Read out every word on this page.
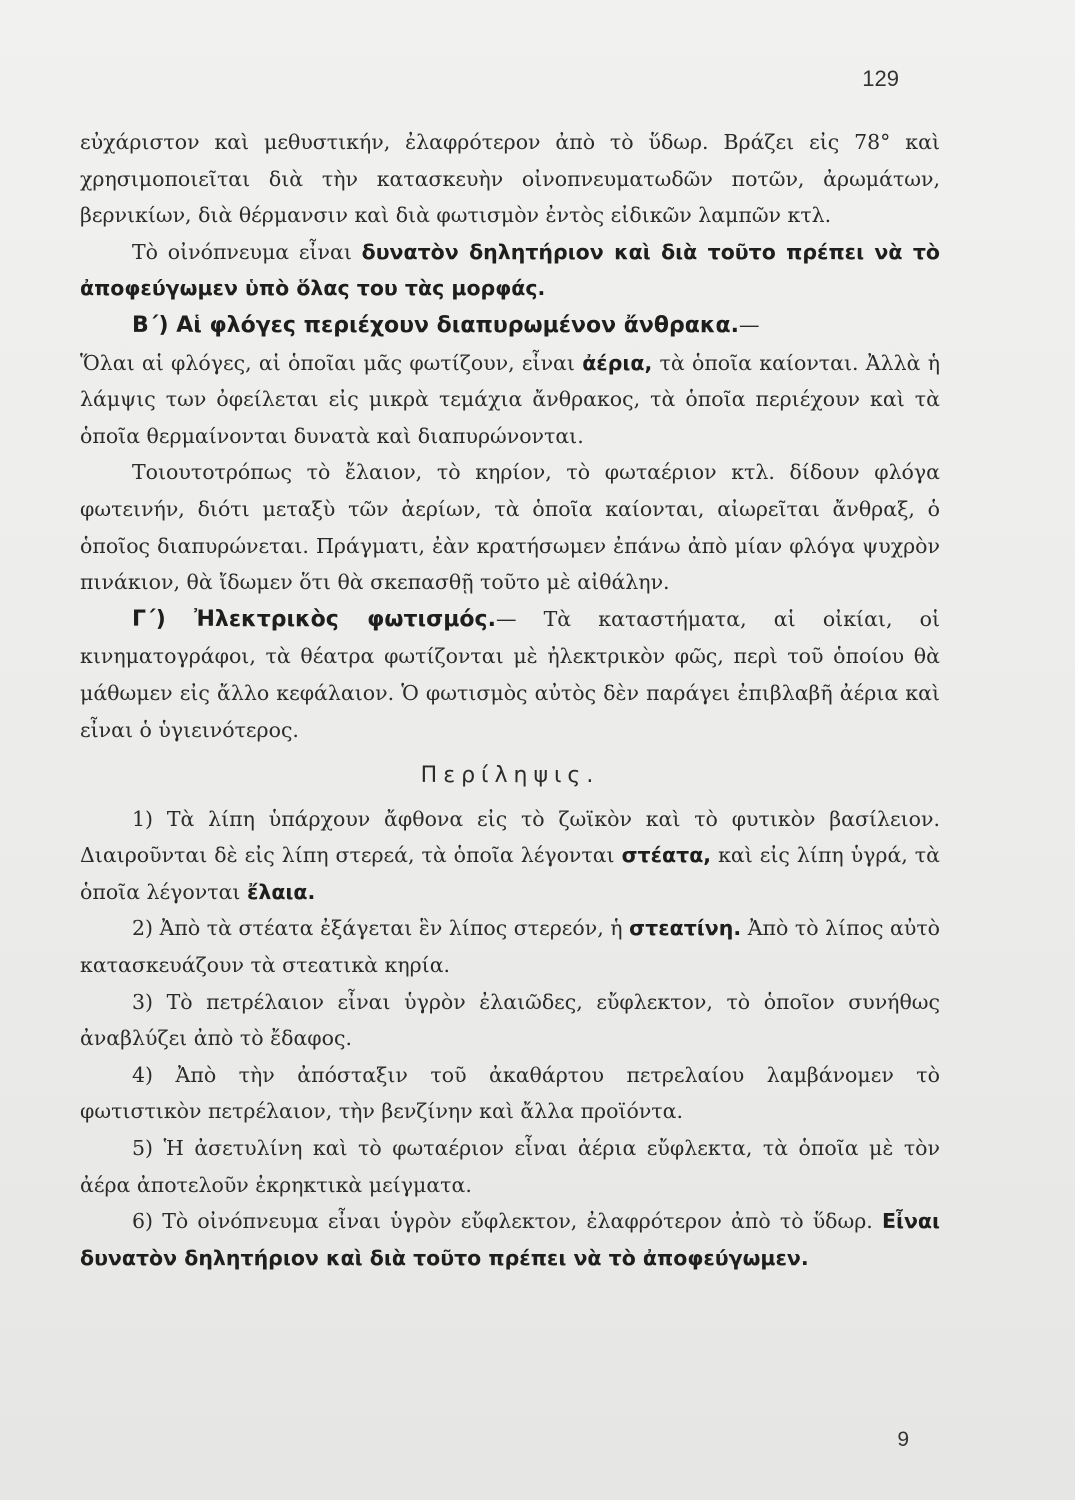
129

εὐχάριστον καὶ μεθυστικήν, ἐλαφρότερον ἀπὸ τὸ ὕδωρ. Βράζει εἰς 78° καὶ χρησιμοποιεῖται διὰ τὴν κατασκευὴν οἰνοπνευματωδῶν ποτῶν, ἀρωμάτων, βερνικίων, διὰ θέρμανσιν καὶ διὰ φωτισμὸν ἐντὸς εἰδικῶν λαμπῶν κτλ.

Τὸ οἰνόπνευμα εἶναι δυνατὸν δηλητήριον καὶ διὰ τοῦτο πρέπει νὰ τὸ ἀποφεύγωμεν ὑπὸ ὅλας του τὰς μορφάς.

Β΄) Αἱ φλόγες περιέχουν διαπυρωμένον ἄνθρακα.—

Ὅλαι αἱ φλόγες, αἱ ὁποῖαι μᾶς φωτίζουν, εἶναι ἀέρια, τὰ ὁποῖα καίονται. Ἀλλὰ ἡ λάμψις των ὀφείλεται εἰς μικρὰ τεμάχια ἄνθρακος, τὰ ὁποῖα περιέχουν καὶ τὰ ὁποῖα θερμαίνονται δυνατὰ καὶ διαπυρώνονται.

Τοιουτοτρόπως τὸ ἔλαιον, τὸ κηρίον, τὸ φωταέριον κτλ. δίδουν φλόγα φωτεινήν, διότι μεταξὺ τῶν ἀερίων, τὰ ὁποῖα καίονται, αἰωρεῖται ἄνθραξ, ὁ ὁποῖος διαπυρώνεται. Πράγματι, ἐὰν κρατήσωμεν ἐπάνω ἀπὸ μίαν φλόγα ψυχρὸν πινάκιον, θὰ ἴδωμεν ὅτι θὰ σκεπασθῇ τοῦτο μὲ αἰθάλην.

Γ΄) Ἠλεκτρικὸς φωτισμός.— Τὰ καταστήματα, αἱ οἰκίαι, οἱ κινηματογράφοι, τὰ θέατρα φωτίζονται μὲ ἠλεκτρικὸν φῶς, περὶ τοῦ ὁποίου θὰ μάθωμεν εἰς ἄλλο κεφάλαιον. Ὁ φωτισμὸς αὐτὸς δὲν παράγει ἐπιβλαβῆ ἀέρια καὶ εἶναι ὁ ὑγιεινότερος.

Περίληψις.

1) Τὰ λίπη ὑπάρχουν ἄφθονα εἰς τὸ ζωϊκὸν καὶ τὸ φυτικὸν βασίλειον. Διαιροῦνται δὲ εἰς λίπη στερεά, τὰ ὁποῖα λέγονται στέατα, καὶ εἰς λίπη ὑγρά, τὰ ὁποῖα λέγονται ἔλαια.

2) Ἀπὸ τὰ στέατα ἐξάγεται ἓν λίπος στερεόν, ἡ στεατίνη. Ἀπὸ τὸ λίπος αὐτὸ κατασκευάζουν τὰ στεατικὰ κηρία.

3) Τὸ πετρέλαιον εἶναι ὑγρὸν ἐλαιῶδες, εὔφλεκτον, τὸ ὁποῖον συνήθως ἀναβλύζει ἀπὸ τὸ ἔδαφος.

4) Ἀπὸ τὴν ἀπόσταξιν τοῦ ἀκαθάρτου πετρελαίου λαμβάνομεν τὸ φωτιστικὸν πετρέλαιον, τὴν βενζίνην καὶ ἄλλα προϊόντα.

5) Ἡ ἀσετυλίνη καὶ τὸ φωταέριον εἶναι ἀέρια εὔφλεκτα, τὰ ὁποῖα μὲ τὸν ἀέρα ἀποτελοῦν ἐκρηκτικὰ μείγματα.

6) Τὸ οἰνόπνευμα εἶναι ὑγρὸν εὔφλεκτον, ἐλαφρότερον ἀπὸ τὸ ὕδωρ. Εἶναι δυνατὸν δηλητήριον καὶ διὰ τοῦτο πρέπει νὰ τὸ ἀποφεύγωμεν.

9
